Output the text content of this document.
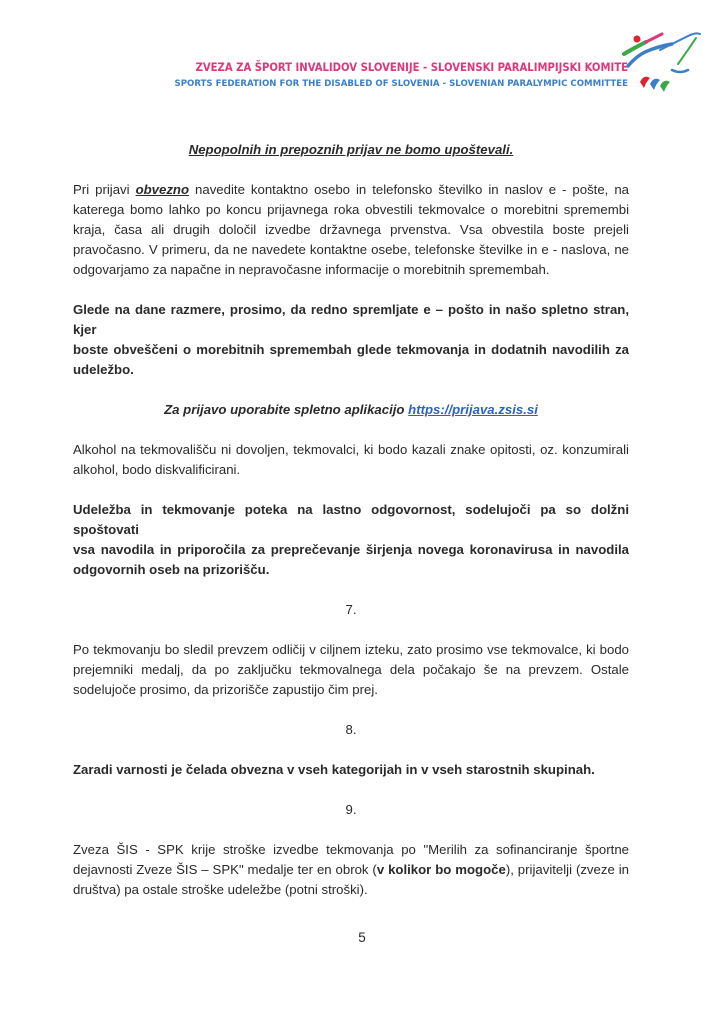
ZVEZA ZA ŠPORT INVALIDOV SLOVENIJE - SLOVENSKI PARALIMPIJSKI KOMITE
SPORTS FEDERATION FOR THE DISABLED OF SLOVENIA - SLOVENIAN PARALYMPIC COMMITTEE
Nepopolnih in prepoznih prijav ne bomo upoštevali.
Pri prijavi obvezno navedite kontaktno osebo in telefonsko številko in naslov e - pošte, na
katerega bomo lahko po koncu prijavnega roka obvestili tekmovalce o morebitni spremembi
kraja, časa ali drugih določil izvedbe državnega prvenstva. Vsa obvestila boste prejeli
pravočasno. V primeru, da ne navedete kontaktne osebe, telefonske številke in e - naslova, ne
odgovarjamo za napačne in nepravočasne informacije o morebitnih spremembah.
Glede na dane razmere, prosimo, da redno spremljate e – pošto in našo spletno stran, kjer
boste obveščeni o morebitnih spremembah glede tekmovanja in dodatnih navodilih za
udeležbo.
Za prijavo uporabite spletno aplikacijo https://prijava.zsis.si
Alkohol na tekmovališču ni dovoljen, tekmovalci, ki bodo kazali znake opitosti, oz. konzumirali
alkohol, bodo diskvalificirani.
Udeležba in tekmovanje poteka na lastno odgovornost, sodelujoči pa so dolžni spoštovati
vsa navodila in priporočila za preprečevanje širjenja novega koronavirusa in navodila
odgovornih oseb na prizorišču.
7.
Po tekmovanju bo sledil prevzem odličij v ciljnem izteku, zato prosimo vse tekmovalce, ki bodo
prejemniki medalj, da po zaključku tekmovalnega dela počakajo še na prevzem. Ostale
sodelujoče prosimo, da prizorišče zapustijo čim prej.
8.
Zaradi varnosti je čelada obvezna v vseh kategorijah in v vseh starostnih skupinah.
9.
Zveza ŠIS - SPK krije stroške izvedbe tekmovanja po "Merilih za sofinanciranje športne
dejavnosti Zveze ŠIS – SPK" medalje ter en obrok (v kolikor bo mogoče), prijavitelji (zveze in
društva) pa ostale stroške udeležbe (potni stroški).
5
